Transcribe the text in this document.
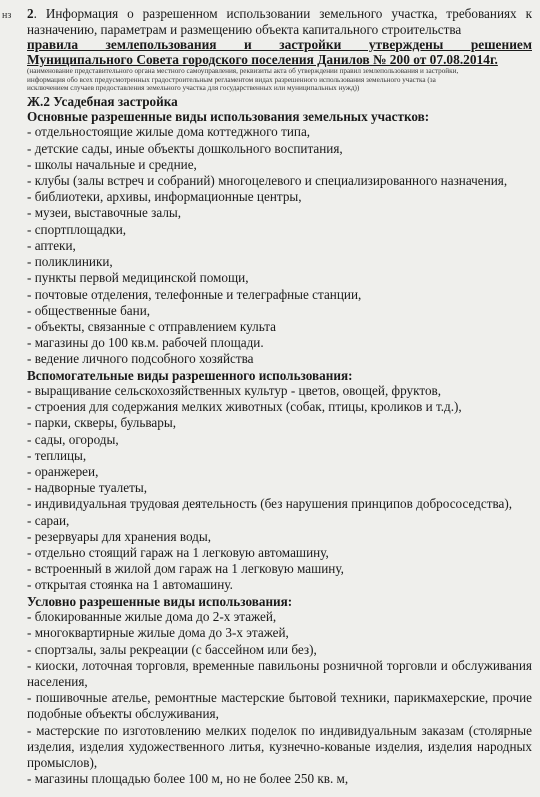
нз 2. Информация о разрешенном использовании земельного участка, требованиях к назначению, параметрам и размещению объекта капитального строительства
правила землепользования и застройки утверждены решением
Муниципального Совета городского поселения Данилов № 200 от 07.08.2014г.
(наименование представительного органа местного самоуправления, реквизиты акта об утверждении правил землепользования и застройки,
информация обо всех предусмотренных градостроительным регламентом видах разрешенного использования земельного участка (за
исключением случаев предоставления земельного участка для государственных или муниципальных нужд))
Ж.2 Усадебная застройка
Основные разрешенные виды использования земельных участков:
- отдельностоящие жилые дома коттеджного типа,
- детские сады, иные объекты дошкольного воспитания,
- школы начальные и средние,
- клубы (залы встреч и собраний) многоцелевого и специализированного назначения,
- библиотеки, архивы, информационные центры,
- музеи, выставочные залы,
- спортплощадки,
- аптеки,
- поликлиники,
- пункты первой медицинской помощи,
- почтовые отделения, телефонные и телеграфные станции,
- общественные бани,
- объекты, связанные с отправлением культа
- магазины до 100 кв.м. рабочей площади.
- ведение личного подсобного хозяйства
Вспомогательные виды разрешенного использования:
- выращивание сельскохозяйственных культур - цветов, овощей, фруктов,
- строения для содержания мелких животных (собак, птицы, кроликов и т.д.),
- парки, скверы, бульвары,
- сады, огороды,
- теплицы,
- оранжереи,
- надворные туалеты,
- индивидуальная трудовая деятельность (без нарушения принципов добрососедства),
- сараи,
- резервуары для хранения воды,
- отдельно стоящий гараж на 1 легковую автомашину,
- встроенный в жилой дом гараж на 1 легковую машину,
- открытая стоянка на 1 автомашину.
Условно разрешенные виды использования:
- блокированные жилые дома до 2-х этажей,
- многоквартирные жилые дома до 3-х этажей,
- спортзалы, залы рекреации (с бассейном или без),
- киоски, лоточная торговля, временные павильоны розничной торговли и обслуживания населения,
- пошивочные ателье, ремонтные мастерские бытовой техники, парикмахерские, прочие подобные объекты обслуживания,
- мастерские по изготовлению мелких поделок по индивидуальным заказам (столярные изделия, изделия художественного литья, кузнечно-кованые изделия, изделия народных промыслов),
- магазины площадью более 100 м, но не более 250 кв. м,
